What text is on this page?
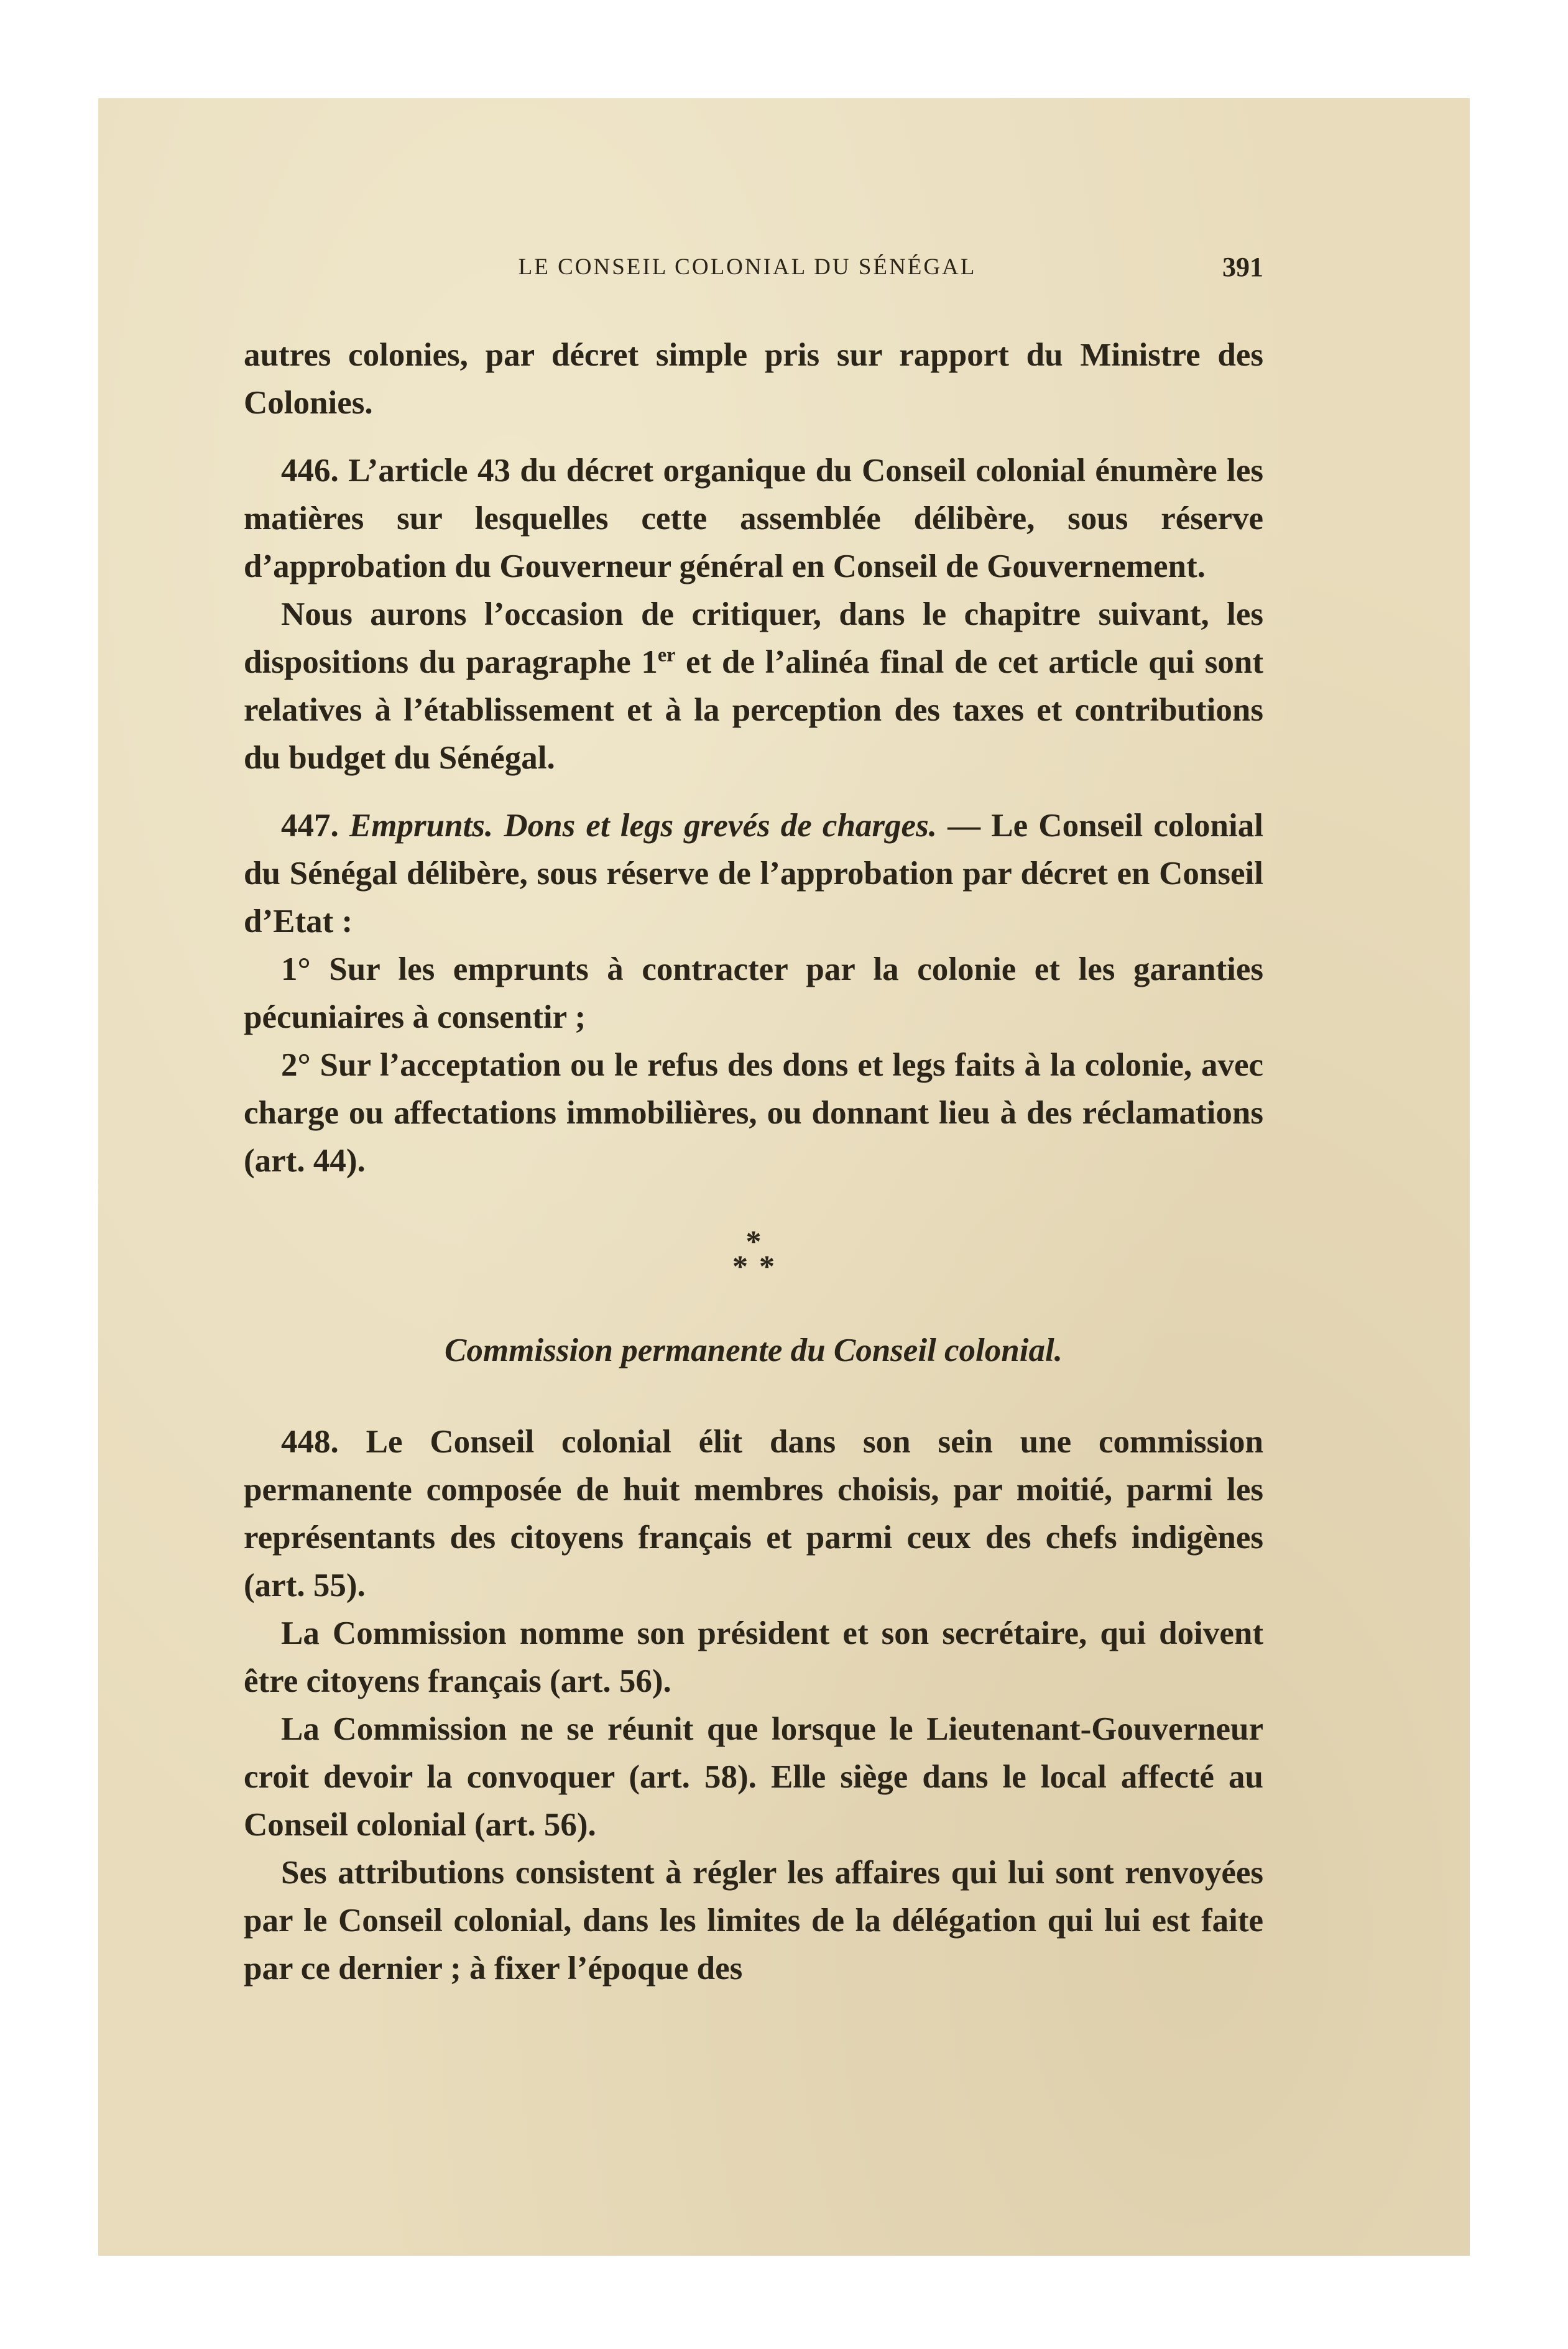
LE CONSEIL COLONIAL DU SÉNÉGAL	391

autres colonies, par décret simple pris sur rapport du Ministre des Colonies.

446. L’article 43 du décret organique du Conseil colonial énumère les matières sur lesquelles cette assemblée délibère, sous réserve d’approbation du Gouverneur général en Conseil de Gouvernement.

Nous aurons l’occasion de critiquer, dans le chapitre suivant, les dispositions du paragraphe 1er et de l’alinéa final de cet article qui sont relatives à l’établissement et à la perception des taxes et contributions du budget du Sénégal.

447. Emprunts. Dons et legs grevés de charges. — Le Conseil colonial du Sénégal délibère, sous réserve de l’approbation par décret en Conseil d’Etat :

1° Sur les emprunts à contracter par la colonie et les garanties pécuniaires à consentir ;

2° Sur l’acceptation ou le refus des dons et legs faits à la colonie, avec charge ou affectations immobilières, ou donnant lieu à des réclamations (art. 44).

*
**
Commission permanente du Conseil colonial.

448. Le Conseil colonial élit dans son sein une commission permanente composée de huit membres choisis, par moitié, parmi les représentants des citoyens français et parmi ceux des chefs indigènes (art. 55).

La Commission nomme son président et son secrétaire, qui doivent être citoyens français (art. 56).

La Commission ne se réunit que lorsque le Lieutenant-Gouverneur croit devoir la convoquer (art. 58). Elle siège dans le local affecté au Conseil colonial (art. 56).

Ses attributions consistent à régler les affaires qui lui sont renvoyées par le Conseil colonial, dans les limites de la délégation qui lui est faite par ce dernier ; à fixer l’époque des
